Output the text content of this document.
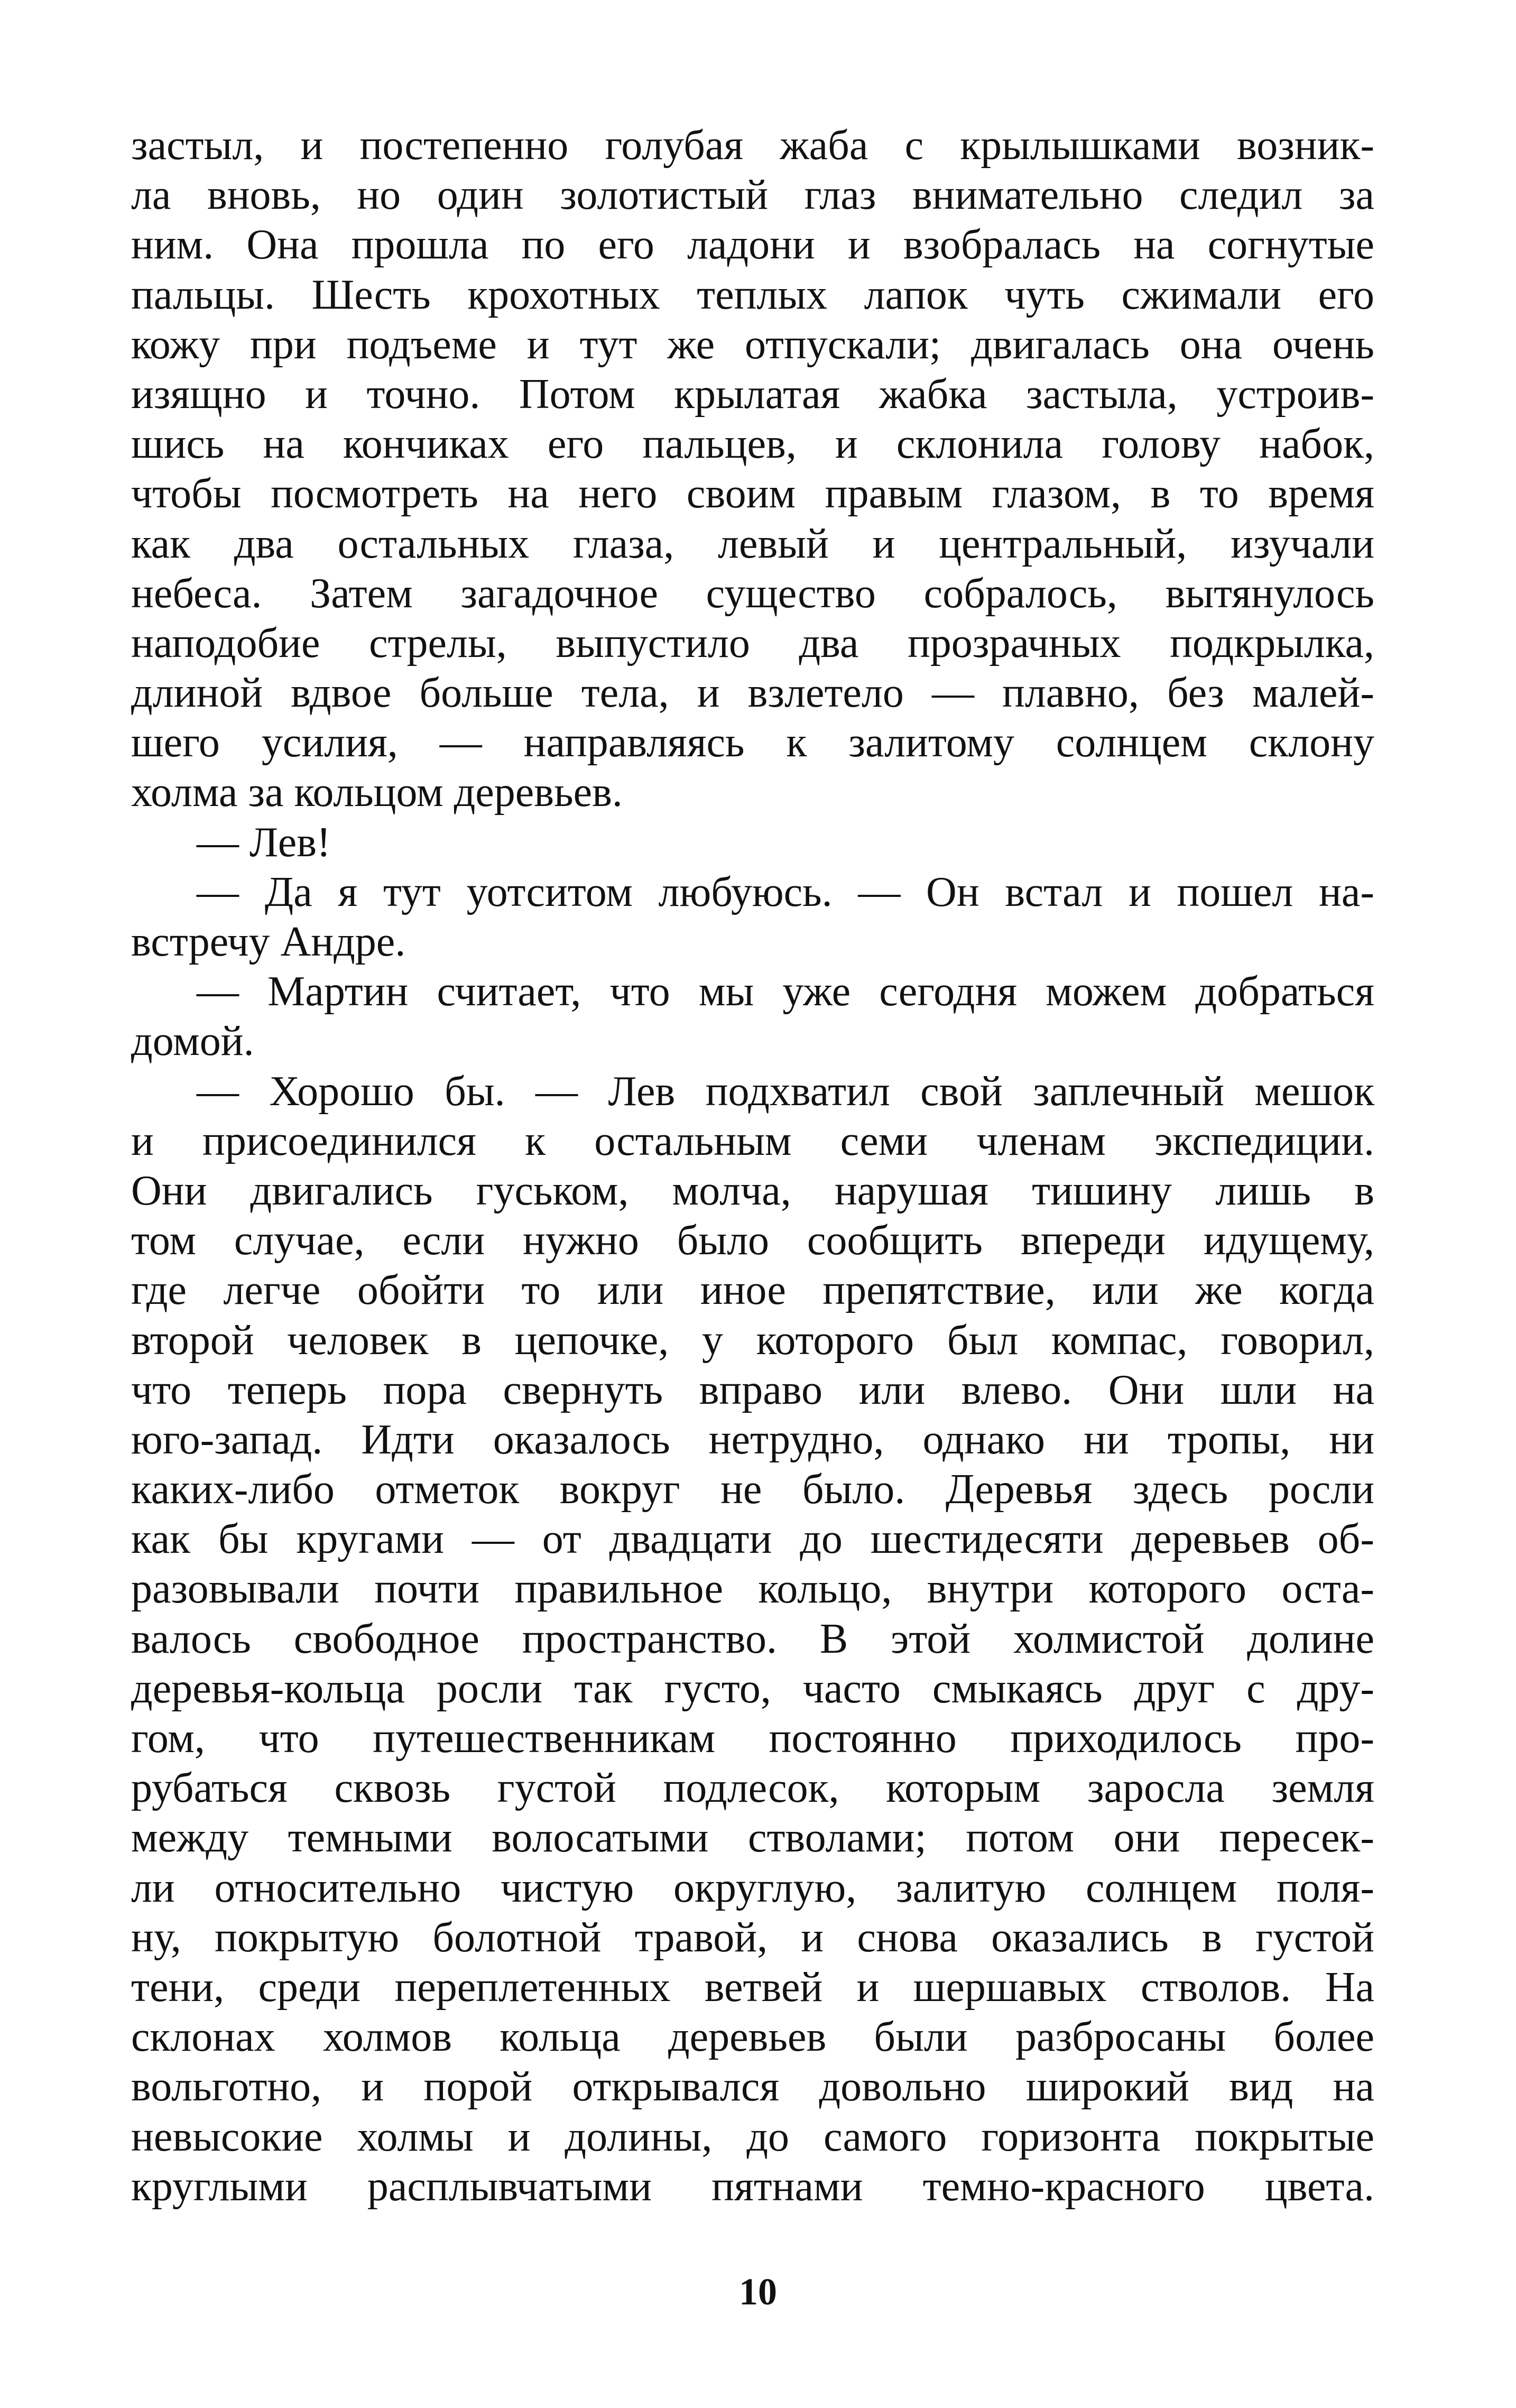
застыл, и постепенно голубая жаба с крылышками возник-
ла вновь, но один золотистый глаз внимательно следил за
ним. Она прошла по его ладони и взобралась на согнутые
пальцы. Шесть крохотных теплых лапок чуть сжимали его
кожу при подъеме и тут же отпускали; двигалась она очень
изящно и точно. Потом крылатая жабка застыла, устроив-
шись на кончиках его пальцев, и склонила голову набок,
чтобы посмотреть на него своим правым глазом, в то время
как два остальных глаза, левый и центральный, изучали
небеса. Затем загадочное существо собралось, вытянулось
наподобие стрелы, выпустило два прозрачных подкрылка,
длиной вдвое больше тела, и взлетело — плавно, без малей-
шего усилия, — направляясь к залитому солнцем склону
холма за кольцом деревьев.
— Лев!
— Да я тут уотситом любуюсь. — Он встал и пошел на-
встречу Андре.
— Мартин считает, что мы уже сегодня можем добраться
домой.
— Хорошо бы. — Лев подхватил свой заплечный мешок
и присоединился к остальным семи членам экспедиции.
Они двигались гуськом, молча, нарушая тишину лишь в
том случае, если нужно было сообщить впереди идущему,
где легче обойти то или иное препятствие, или же когда
второй человек в цепочке, у которого был компас, говорил,
что теперь пора свернуть вправо или влево. Они шли на
юго-запад. Идти оказалось нетрудно, однако ни тропы, ни
каких-либо отметок вокруг не было. Деревья здесь росли
как бы кругами — от двадцати до шестидесяти деревьев об-
разовывали почти правильное кольцо, внутри которого оста-
валось свободное пространство. В этой холмистой долине
деревья-кольца росли так густо, часто смыкаясь друг с дру-
гом, что путешественникам постоянно приходилось про-
рубаться сквозь густой подлесок, которым заросла земля
между темными волосатыми стволами; потом они пересек-
ли относительно чистую округлую, залитую солнцем поля-
ну, покрытую болотной травой, и снова оказались в густой
тени, среди переплетенных ветвей и шершавых стволов. На
склонах холмов кольца деревьев были разбросаны более
вольготно, и порой открывался довольно широкий вид на
невысокие холмы и долины, до самого горизонта покрытые
круглыми расплывчатыми пятнами темно-красного цвета.
10
